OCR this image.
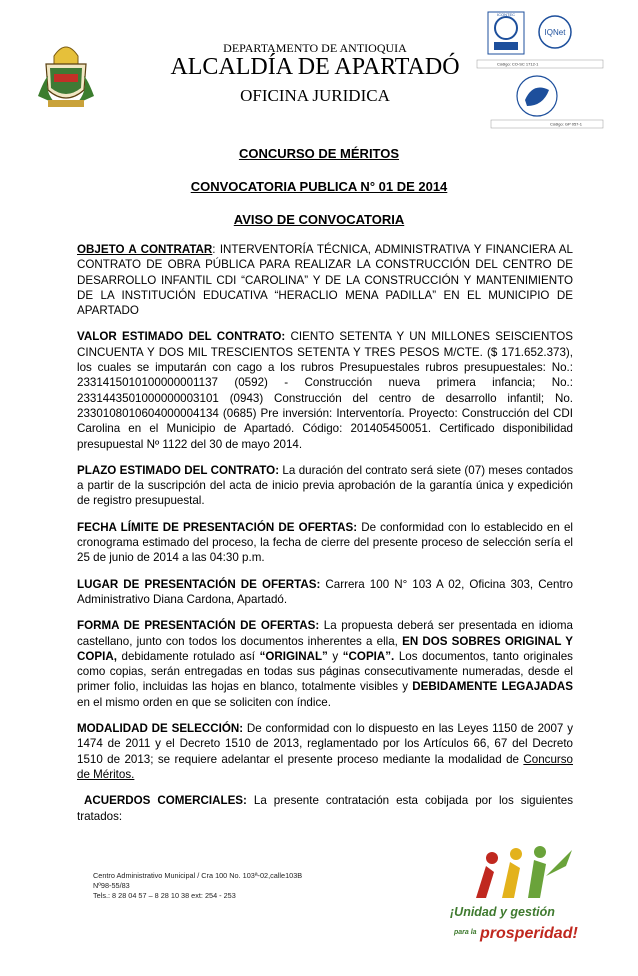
DEPARTAMENTO DE ANTIOQUIA
ALCALDÍA DE APARTADÓ
OFICINA JURIDICA
ICONTEC
IQNet
Código: CO-SC 1712-1
Código: GP 057-1
CONCURSO DE MÉRITOS
CONVOCATORIA PUBLICA N° 01 DE 2014
AVISO DE CONVOCATORIA

OBJETO A CONTRATAR: INTERVENTORÍA TÉCNICA, ADMINISTRATIVA Y FINANCIERA AL CONTRATO DE OBRA PÚBLICA PARA REALIZAR LA CONSTRUCCIÓN DEL CENTRO DE DESARROLLO INFANTIL CDI “CAROLINA” Y DE LA CONSTRUCCIÓN Y MANTENIMIENTO DE LA INSTITUCIÓN EDUCATIVA “HERACLIO MENA PADILLA” EN EL MUNICIPIO DE APARTADO

VALOR ESTIMADO DEL CONTRATO: CIENTO SETENTA Y UN MILLONES SEISCIENTOS CINCUENTA Y DOS MIL TRESCIENTOS SETENTA Y TRES PESOS M/CTE. ($ 171.652.373), los cuales se imputarán con cago a los rubros Presupuestales rubros presupuestales: No.: 2331415010100000001137 (0592) - Construcción nueva primera infancia; No.: 2331443501000000003101 (0943) Construcción del centro de desarrollo infantil; No. 2330108010604000004134 (0685) Pre inversión: Interventoría. Proyecto: Construcción del CDI Carolina en el Municipio de Apartadó. Código: 201405450051. Certificado disponibilidad presupuestal Nº 1122 del 30 de mayo 2014.

PLAZO ESTIMADO DEL CONTRATO: La duración del contrato será siete (07) meses contados a partir de la suscripción del acta de inicio previa aprobación de la garantía única y expedición de registro presupuestal.

FECHA LÍMITE DE PRESENTACIÓN DE OFERTAS: De conformidad con lo establecido en el cronograma estimado del proceso, la fecha de cierre del presente proceso de selección sería el 25 de junio de 2014 a las 04:30 p.m.

LUGAR DE PRESENTACIÓN DE OFERTAS: Carrera 100 N° 103 A 02, Oficina 303, Centro Administrativo Diana Cardona, Apartadó.

FORMA DE PRESENTACIÓN DE OFERTAS: La propuesta deberá ser presentada en idioma castellano, junto con todos los documentos inherentes a ella, EN DOS SOBRES ORIGINAL Y COPIA, debidamente rotulado así “ORIGINAL” y “COPIA”. Los documentos, tanto originales como copias, serán entregadas en todas sus páginas consecutivamente numeradas, desde el primer folio, incluidas las hojas en blanco, totalmente visibles y DEBIDAMENTE LEGAJADAS en el mismo orden en que se soliciten con índice.

MODALIDAD DE SELECCIÓN: De conformidad con lo dispuesto en las Leyes 1150 de 2007 y 1474 de 2011 y el Decreto 1510 de 2013, reglamentado por los Artículos 66, 67 del Decreto 1510 de 2013; se requiere adelantar el presente proceso mediante la modalidad de Concurso de Méritos.

ACUERDOS COMERCIALES: La presente contratación esta cobijada por los siguientes tratados:

Centro Administrativo Municipal / Cra 100 No. 103ª-02,calle103B
Nº98-55/83
Tels.: 8 28 04 57 – 8 28 10 38 ext: 254 - 253
¡Unidad y gestión
para la prosperidad!
